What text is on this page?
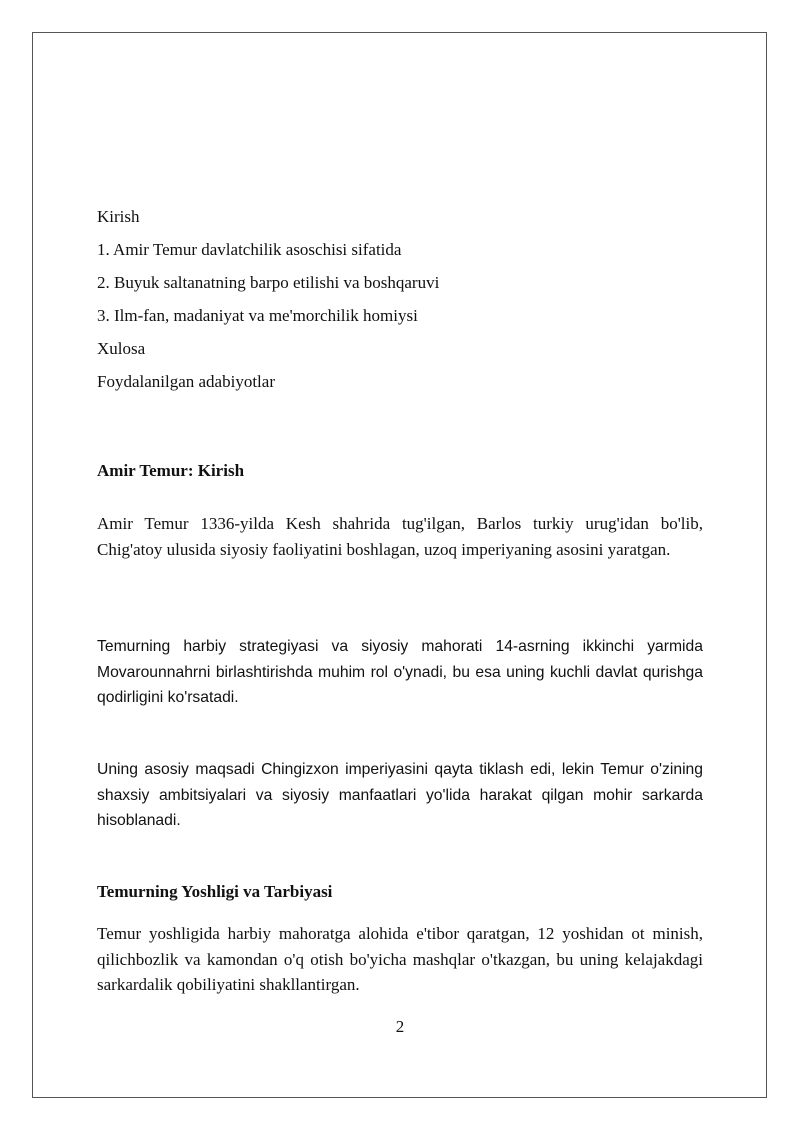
Kirish
1. Amir Temur davlatchilik asoschisi sifatida
2. Buyuk saltanatning barpo etilishi va boshqaruvi
3. Ilm-fan, madaniyat va me'morchilik homiysi
Xulosa
Foydalanilgan adabiyotlar
Amir Temur: Kirish

Amir Temur 1336-yilda Kesh shahrida tug'ilgan, Barlos turkiy urug'idan bo'lib, Chig'atoy ulusida siyosiy faoliyatini boshlagan, uzoq imperiyaning asosini yaratgan.

Temurning harbiy strategiyasi va siyosiy mahorati 14-asrning ikkinchi yarmida Movarounnahrni birlashtirishda muhim rol o'ynadi, bu esa uning kuchli davlat qurishga qodirligini ko'rsatadi.

Uning asosiy maqsadi Chingizxon imperiyasini qayta tiklash edi, lekin Temur o'zining shaxsiy ambitsiyalari va siyosiy manfaatlari yo'lida harakat qilgan mohir sarkarda hisoblanadi.

Temurning Yoshligi va Tarbiyasi

Temur yoshligida harbiy mahoratga alohida e'tibor qaratgan, 12 yoshidan ot minish, qilichbozlik va kamondan o'q otish bo'yicha mashqlar o'tkazgan, bu uning kelajakdagi sarkardalik qobiliyatini shakllantirgan.

2
